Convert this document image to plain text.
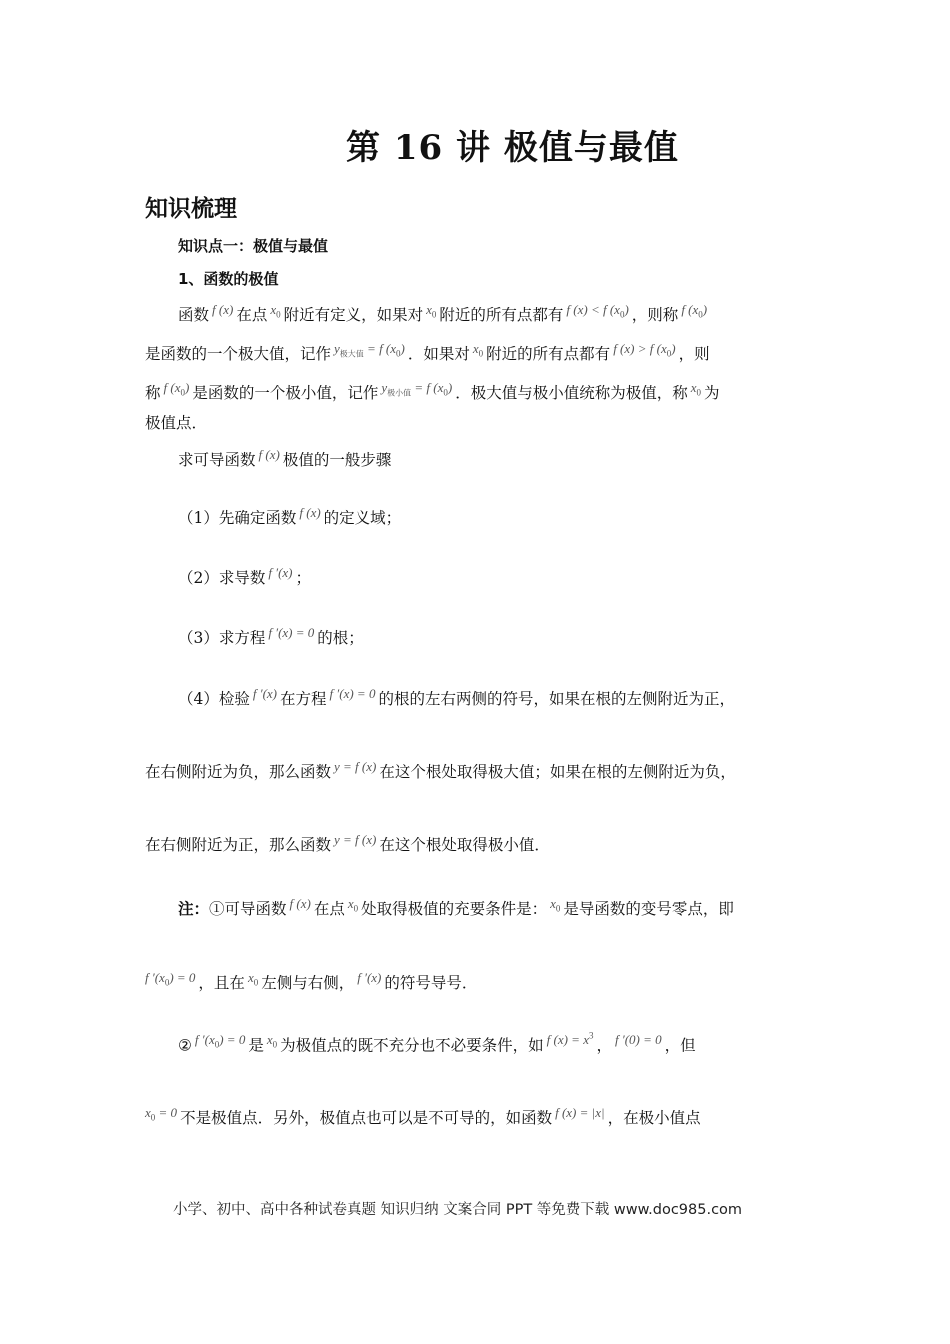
第 16 讲 极值与最值
知识梳理
知识点一：极值与最值
1、函数的极值
函数 $^{f (x)}$ 在点 $^{x_0}$ 附近有定义，如果对 $^{x_0}$ 附近的所有点都有 $^{f (x) < f (x_0)}$ ，则称 $^{f (x_0)}$
是函数的一个极大值，记作 $^{y_{极大值} = f (x_0)}$ ．如果对 $^{x_0}$ 附近的所有点都有 $^{f (x) > f (x_0)}$ ，则
称 $^{f (x_0)}$ 是函数的一个极小值，记作 $^{y_{极小值} = f (x_0)}$ ．极大值与极小值统称为极值，称 $^{x_0}$ 为
极值点．
求可导函数 $^{f (x)}$ 极值的一般步骤
（1）先确定函数 $^{f (x)}$ 的定义域；
（2）求导数 $^{f '(x)}$ ；
（3）求方程 $^{f '(x) = 0}$ 的根；
（4）检验 $^{f '(x)}$ 在方程 $^{f '(x) = 0}$ 的根的左右两侧的符号，如果在根的左侧附近为正，
在右侧附近为负，那么函数 $^{y = f (x)}$ 在这个根处取得极大值；如果在根的左侧附近为负，
在右侧附近为正，那么函数 $^{y = f (x)}$ 在这个根处取得极小值．
注：①可导函数 $^{f (x)}$ 在点 $^{x_0}$ 处取得极值的充要条件是： $^{x_0}$ 是导函数的变号零点，即
$^{f '(x_0) = 0}$ ，且在 $^{x_0}$ 左侧与右侧， $^{f '(x)}$ 的符号导号．
② $^{f '(x_0) = 0}$ 是 $^{x_0}$ 为极值点的既不充分也不必要条件，如 $^{f (x) = x^3}$， $^{f '(0) = 0}$ ，但
$^{x_0 = 0}$ 不是极值点．另外，极值点也可以是不可导的，如函数 $^{f (x) = |x|}$ ，在极小值点
小学、初中、高中各种试卷真题 知识归纳 文案合同 PPT 等免费下载 www.doc985.com
